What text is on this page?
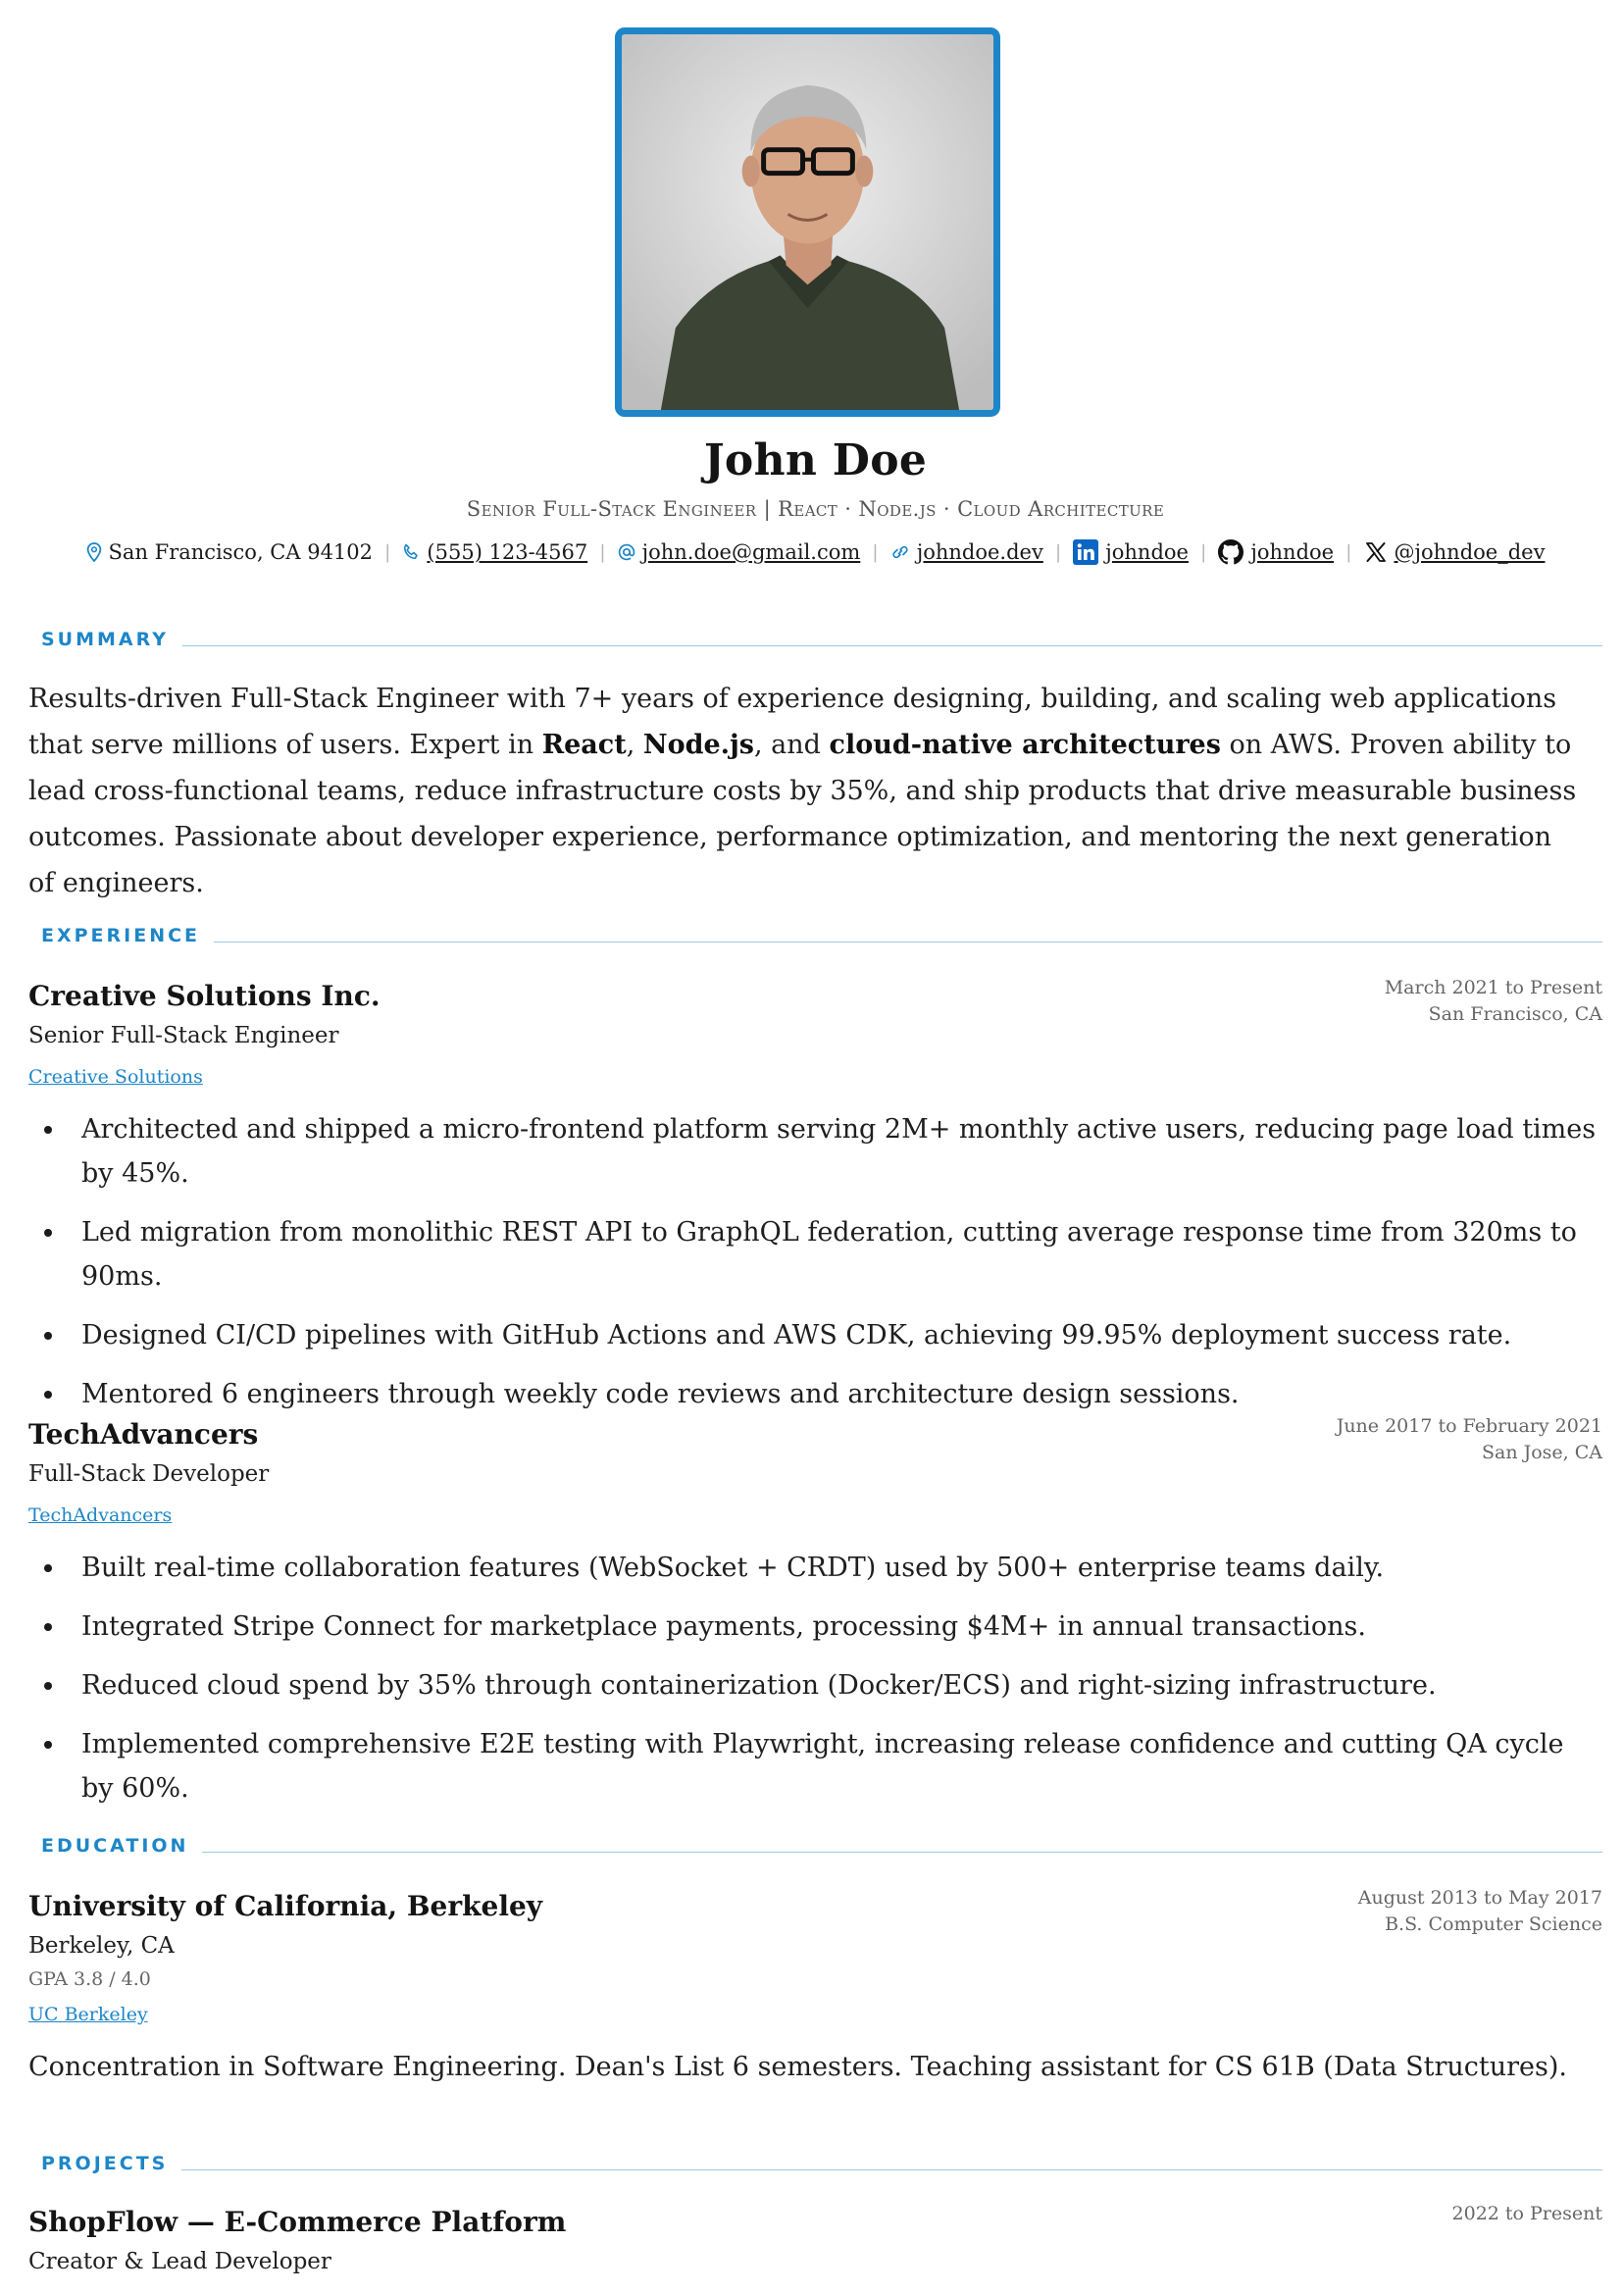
John Doe
Senior Full-Stack Engineer | React · Node.js · Cloud Architecture
San Francisco, CA 94102 | (555) 123-4567 | john.doe@gmail.com | johndoe.dev | johndoe | johndoe | @johndoe_dev
SUMMARY
Results-driven Full-Stack Engineer with 7+ years of experience designing, building, and scaling web applications that serve millions of users. Expert in React, Node.js, and cloud-native architectures on AWS. Proven ability to lead cross-functional teams, reduce infrastructure costs by 35%, and ship products that drive measurable business outcomes. Passionate about developer experience, performance optimization, and mentoring the next generation of engineers.
EXPERIENCE
Creative Solutions Inc.
Senior Full-Stack Engineer
Creative Solutions
March 2021 to Present
San Francisco, CA
Architected and shipped a micro-frontend platform serving 2M+ monthly active users, reducing page load times by 45%.
Led migration from monolithic REST API to GraphQL federation, cutting average response time from 320ms to 90ms.
Designed CI/CD pipelines with GitHub Actions and AWS CDK, achieving 99.95% deployment success rate.
Mentored 6 engineers through weekly code reviews and architecture design sessions.
TechAdvancers
Full-Stack Developer
TechAdvancers
June 2017 to February 2021
San Jose, CA
Built real-time collaboration features (WebSocket + CRDT) used by 500+ enterprise teams daily.
Integrated Stripe Connect for marketplace payments, processing $4M+ in annual transactions.
Reduced cloud spend by 35% through containerization (Docker/ECS) and right-sizing infrastructure.
Implemented comprehensive E2E testing with Playwright, increasing release confidence and cutting QA cycle by 60%.
EDUCATION
University of California, Berkeley
Berkeley, CA
GPA 3.8 / 4.0
UC Berkeley
August 2013 to May 2017
B.S. Computer Science
Concentration in Software Engineering. Dean's List 6 semesters. Teaching assistant for CS 61B (Data Structures).
PROJECTS
ShopFlow — E-Commerce Platform
Creator & Lead Developer
2022 to Present
